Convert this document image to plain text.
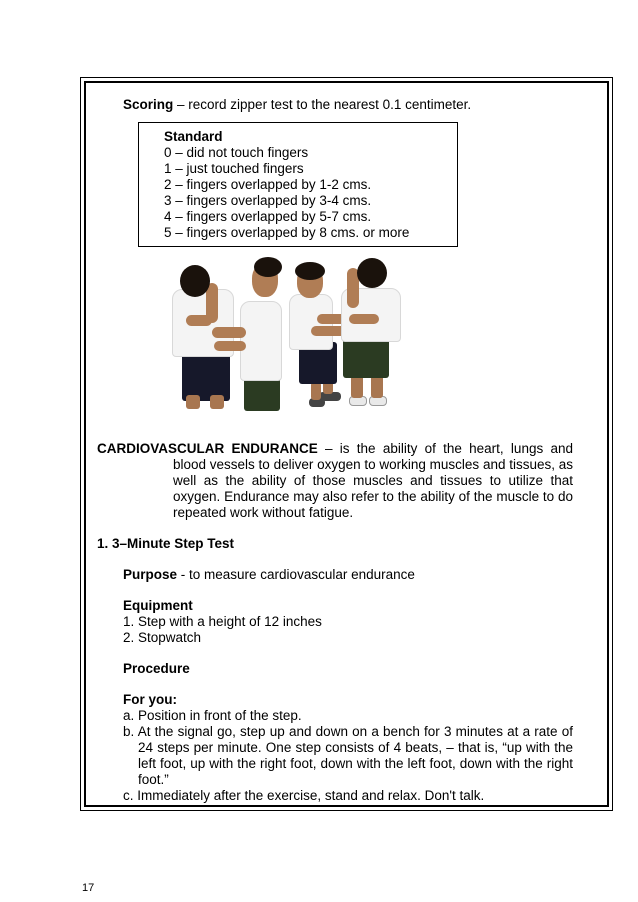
Scoring – record zipper test to the nearest 0.1 centimeter.

Standard
0 – did not touch fingers
1 – just touched fingers
2 – fingers overlapped by 1-2 cms.
3 – fingers overlapped by 3-4 cms.
4 – fingers overlapped by 5-7 cms.
5 – fingers overlapped by 8 cms. or more
CARDIOVASCULAR ENDURANCE – is the ability of the heart, lungs and
blood vessels to deliver oxygen to working muscles and tissues, as well as the ability of those muscles and tissues to utilize that oxygen. Endurance may also refer to the ability of the muscle to do repeated work without fatigue.

1. 3–Minute Step Test

Purpose - to measure cardiovascular endurance

Equipment
1. Step with a height of 12 inches
2. Stopwatch

Procedure

For you:

a. Position in front of the step.
b. At the signal go, step up and down on a bench for 3 minutes at a rate of 24 steps per minute. One step consists of 4 beats, – that is, “up with the left foot, up with the right foot, down with the left foot, down with the right foot.”
c. Immediately after the exercise, stand and relax. Don't talk.
17
